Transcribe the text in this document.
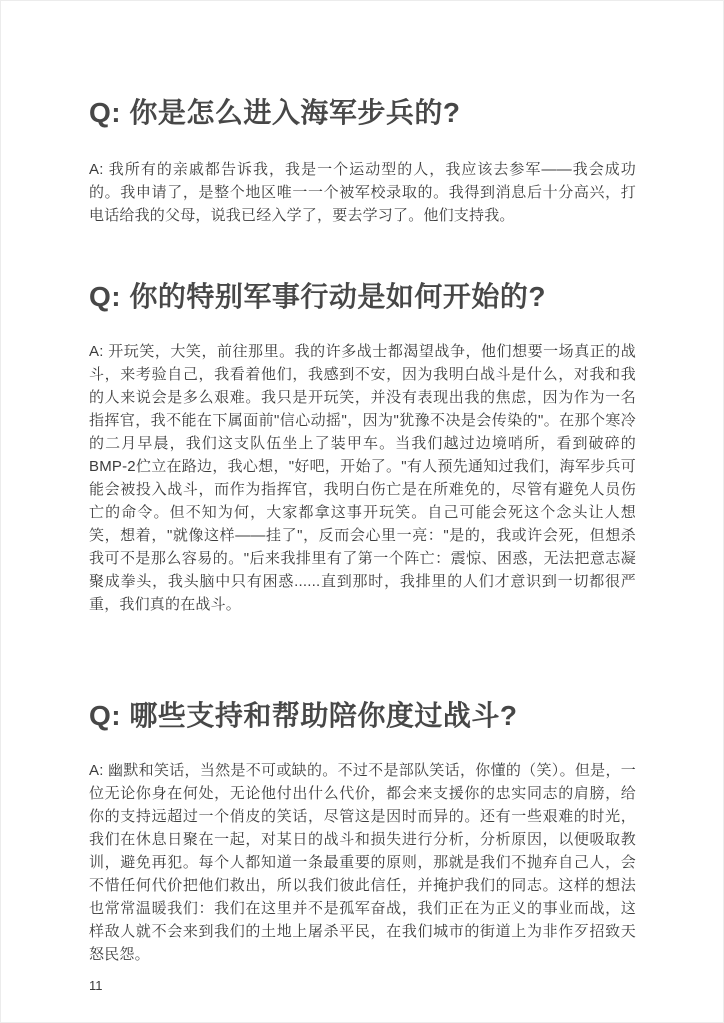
Q: 你是怎么进入海军步兵的?

A: 我所有的亲戚都告诉我，我是一个运动型的人，我应该去参军——我会成功的。我申请了，是整个地区唯一一个被军校录取的。我得到消息后十分高兴，打电话给我的父母，说我已经入学了，要去学习了。他们支持我。

Q: 你的特别军事行动是如何开始的?

A: 开玩笑，大笑，前往那里。我的许多战士都渴望战争，他们想要一场真正的战斗，来考验自己，我看着他们，我感到不安，因为我明白战斗是什么，对我和我的人来说会是多么艰难。我只是开玩笑，并没有表现出我的焦虑，因为作为一名指挥官，我不能在下属面前"信心动摇"，因为"犹豫不决是会传染的"。在那个寒冷的二月早晨，我们这支队伍坐上了装甲车。当我们越过边境哨所，看到破碎的BMP-2伫立在路边，我心想，"好吧，开始了。"有人预先通知过我们，海军步兵可能会被投入战斗，而作为指挥官，我明白伤亡是在所难免的，尽管有避免人员伤亡的命令。但不知为何，大家都拿这事开玩笑。自己可能会死这个念头让人想笑，想着，"就像这样——挂了"，反而会心里一亮："是的，我或许会死，但想杀我可不是那么容易的。"后来我排里有了第一个阵亡：震惊、困惑，无法把意志凝聚成拳头，我头脑中只有困惑......直到那时，我排里的人们才意识到一切都很严重，我们真的在战斗。

Q: 哪些支持和帮助陪你度过战斗?

A: 幽默和笑话，当然是不可或缺的。不过不是部队笑话，你懂的（笑）。但是，一位无论你身在何处，无论他付出什么代价，都会来支援你的忠实同志的肩膀，给你的支持远超过一个俏皮的笑话，尽管这是因时而异的。还有一些艰难的时光，我们在休息日聚在一起，对某日的战斗和损失进行分析，分析原因，以便吸取教训，避免再犯。每个人都知道一条最重要的原则，那就是我们不抛弃自己人，会不惜任何代价把他们救出，所以我们彼此信任，并掩护我们的同志。这样的想法也常常温暖我们：我们在这里并不是孤军奋战，我们正在为正义的事业而战，这样敌人就不会来到我们的土地上屠杀平民，在我们城市的街道上为非作歹招致天怒民怨。

11
